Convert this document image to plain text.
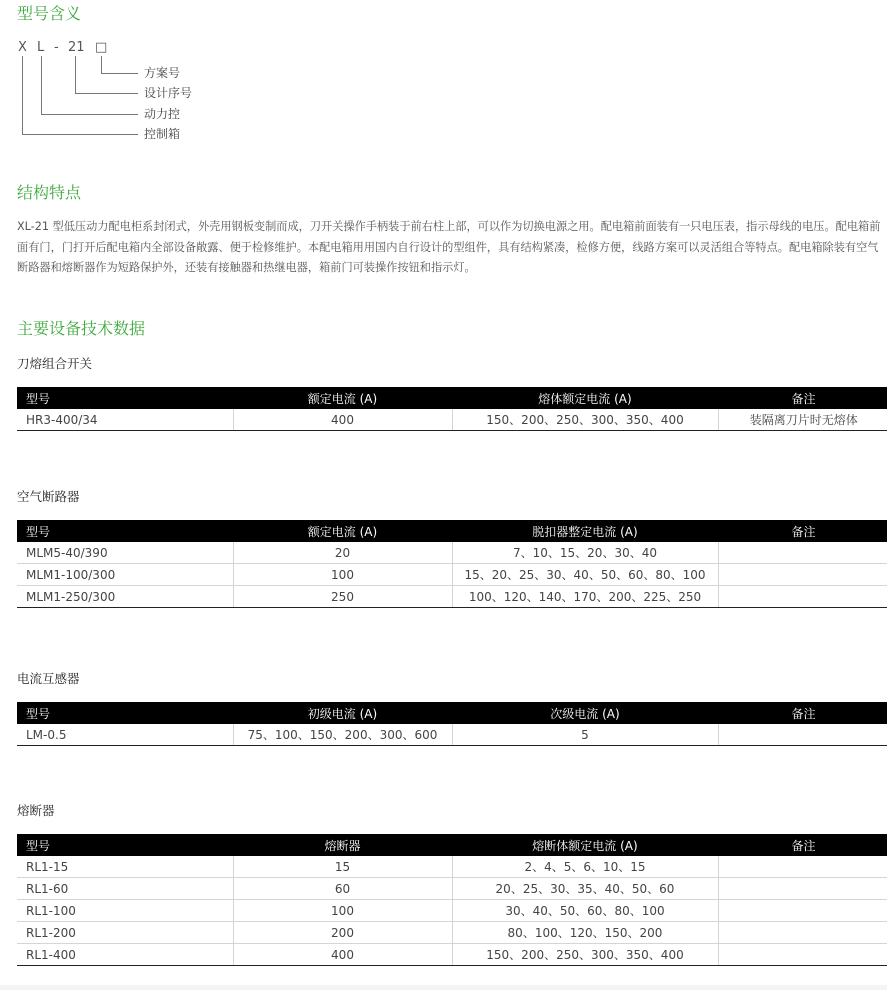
型号含义
X L - 21 □
方案号
设计序号
动力控
控制箱
结构特点

XL-21 型低压动力配电柜系封闭式，外壳用钢板变制而成，刀开关操作手柄装于前右柱上部，可以作为切换电源之用。配电箱前面装有一只电压表，指示母线的电压。配电箱前面有门，门打开后配电箱内全部设备敞露、便于检修维护。本配电箱用用国内自行设计的型组件，具有结构紧凑，检修方便，线路方案可以灵活组合等特点。配电箱除装有空气断路器和熔断器作为短路保护外，还装有接触器和热继电器，箱前门可装操作按钮和指示灯。

主要设备技术数据
刀熔组合开关
型号	额定电流 (A)	熔体额定电流 (A)	备注
HR3-400/34	400	150、200、250、300、350、400	装隔离刀片时无熔体
空气断路器
型号	额定电流 (A)	脱扣器整定电流 (A)	备注
MLM5-40/390	20	7、10、15、20、30、40	
MLM1-100/300	100	15、20、25、30、40、50、60、80、100	
MLM1-250/300	250	100、120、140、170、200、225、250	
电流互感器
型号	初级电流 (A)	次级电流 (A)	备注
LM-0.5	75、100、150、200、300、600	5	
熔断器
型号	熔断器	熔断体额定电流 (A)	备注
RL1-15	15	2、4、5、6、10、15	
RL1-60	60	20、25、30、35、40、50、60	
RL1-100	100	30、40、50、60、80、100	
RL1-200	200	80、100、120、150、200	
RL1-400	400	150、200、250、300、350、400	
